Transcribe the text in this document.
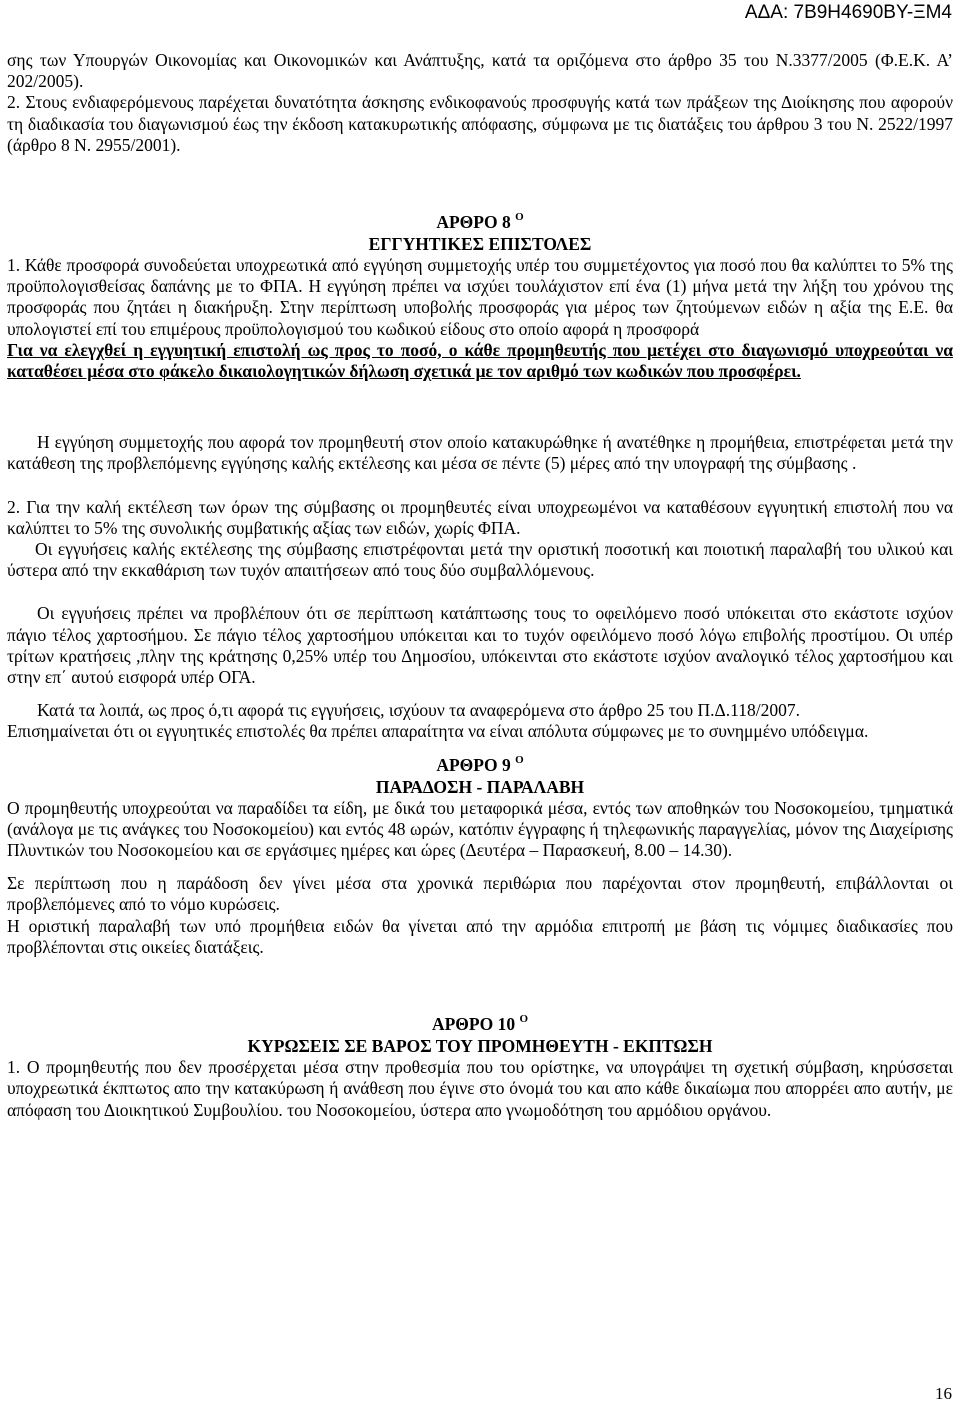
ΑΔΑ: 7Β9Η4690ΒΥ-ΞΜ4

σης των Υπουργών Οικονομίας και Οικονομικών και Ανάπτυξης, κατά τα οριζόμενα στο άρθρο 35 του Ν.3377/2005 (Φ.Ε.Κ. Α’ 202/2005).

2. Στους ενδιαφερόμενους παρέχεται δυνατότητα άσκησης ενδικοφανούς προσφυγής κατά των πράξεων της Διοίκησης που αφορούν τη διαδικασία του διαγωνισμού έως την έκδοση κατακυρωτικής απόφασης, σύμφωνα με τις διατάξεις του άρθρου 3 του Ν. 2522/1997 (άρθρο 8 Ν. 2955/2001).

ΑΡΘΡΟ 8 $^O$

ΕΓΓΥΗΤΙΚΕΣ ΕΠΙΣΤΟΛΕΣ

1. Κάθε προσφορά συνοδεύεται υποχρεωτικά από εγγύηση συμμετοχής υπέρ του συμμετέχοντος για ποσό που θα καλύπτει το 5% της προϋπολογισθείσας δαπάνης με το ΦΠΑ. Η εγγύηση πρέπει να ισχύει τουλάχιστον επί ένα (1) μήνα μετά την λήξη του χρόνου της προσφοράς που ζητάει η διακήρυξη. Στην περίπτωση υποβολής προσφοράς για μέρος των ζητούμενων ειδών η αξία της Ε.Ε. θα υπολογιστεί επί του επιμέρους προϋπολογισμού του κωδικού είδους στο οποίο αφορά η προσφορά

Για να ελεγχθεί η εγγυητική επιστολή ως προς το ποσό, ο κάθε προμηθευτής που μετέχει στο διαγωνισμό υποχρεούται να καταθέσει μέσα στο φάκελο δικαιολογητικών δήλωση σχετικά με τον αριθμό των κωδικών που προσφέρει.

Η εγγύηση συμμετοχής που αφορά τον προμηθευτή στον οποίο κατακυρώθηκε ή ανατέθηκε η προμήθεια, επιστρέφεται μετά την κατάθεση της προβλεπόμενης εγγύησης καλής εκτέλεσης και μέσα σε πέντε (5) μέρες από την υπογραφή της σύμβασης .

2. Για την καλή εκτέλεση των όρων της σύμβασης οι προμηθευτές είναι υποχρεωμένοι να καταθέσουν εγγυητική επιστολή που να καλύπτει το 5% της συνολικής συμβατικής αξίας των ειδών, χωρίς ΦΠΑ.

Οι εγγυήσεις καλής εκτέλεσης της σύμβασης επιστρέφονται μετά την οριστική ποσοτική και ποιοτική παραλαβή του υλικού και ύστερα από την εκκαθάριση των τυχόν απαιτήσεων από τους δύο συμβαλλόμενους.

Οι εγγυήσεις πρέπει να προβλέπουν ότι σε περίπτωση κατάπτωσης τους το οφειλόμενο ποσό υπόκειται στο εκάστοτε ισχύον πάγιο τέλος χαρτοσήμου. Σε πάγιο τέλος χαρτοσήμου υπόκειται και το τυχόν οφειλόμενο ποσό λόγω επιβολής προστίμου. Οι υπέρ τρίτων κρατήσεις ,πλην της κράτησης 0,25% υπέρ του Δημοσίου, υπόκεινται στο εκάστοτε ισχύον αναλογικό τέλος χαρτοσήμου και στην επ΄ αυτού εισφορά υπέρ ΟΓΑ.

Κατά τα λοιπά, ως προς ό,τι αφορά τις εγγυήσεις, ισχύουν τα αναφερόμενα στο άρθρο 25 του Π.Δ.118/2007.

Επισημαίνεται ότι οι εγγυητικές επιστολές θα πρέπει απαραίτητα να είναι απόλυτα σύμφωνες με το συνημμένο υπόδειγμα.

ΑΡΘΡΟ 9 $^O$

ΠΑΡΑΔΟΣΗ - ΠΑΡΑΛΑΒΗ

Ο προμηθευτής υποχρεούται να παραδίδει τα είδη, με δικά του μεταφορικά μέσα, εντός των αποθηκών του Νοσοκομείου, τμηματικά (ανάλογα με τις ανάγκες του Νοσοκομείου) και εντός 48 ωρών, κατόπιν έγγραφης ή τηλεφωνικής παραγγελίας, μόνον της Διαχείρισης Πλυντικών του Νοσοκομείου και σε εργάσιμες ημέρες και ώρες (Δευτέρα – Παρασκευή, 8.00 – 14.30).

Σε περίπτωση που η παράδοση δεν γίνει μέσα στα χρονικά περιθώρια που παρέχονται στον προμηθευτή, επιβάλλονται οι προβλεπόμενες από το νόμο κυρώσεις.

Η οριστική παραλαβή των υπό προμήθεια ειδών θα γίνεται από την αρμόδια επιτροπή με βάση τις νόμιμες διαδικασίες που προβλέπονται στις οικείες διατάξεις.

ΑΡΘΡΟ 10 $^O$

ΚΥΡΩΣΕΙΣ ΣΕ ΒΑΡΟΣ ΤΟΥ ΠΡΟΜΗΘΕΥΤΗ - ΕΚΠΤΩΣΗ

1. Ο προμηθευτής που δεν προσέρχεται μέσα στην προθεσμία που του ορίστηκε, να υπογράψει τη σχετική σύμβαση, κηρύσσεται υποχρεωτικά έκπτωτος απο την κατακύρωση ή ανάθεση που έγινε στο όνομά του και απο κάθε δικαίωμα που απορρέει απο αυτήν, με απόφαση του Διοικητικού Συμβουλίου. του Νοσοκομείου, ύστερα απο γνωμοδότηση του αρμόδιου οργάνου.

16
